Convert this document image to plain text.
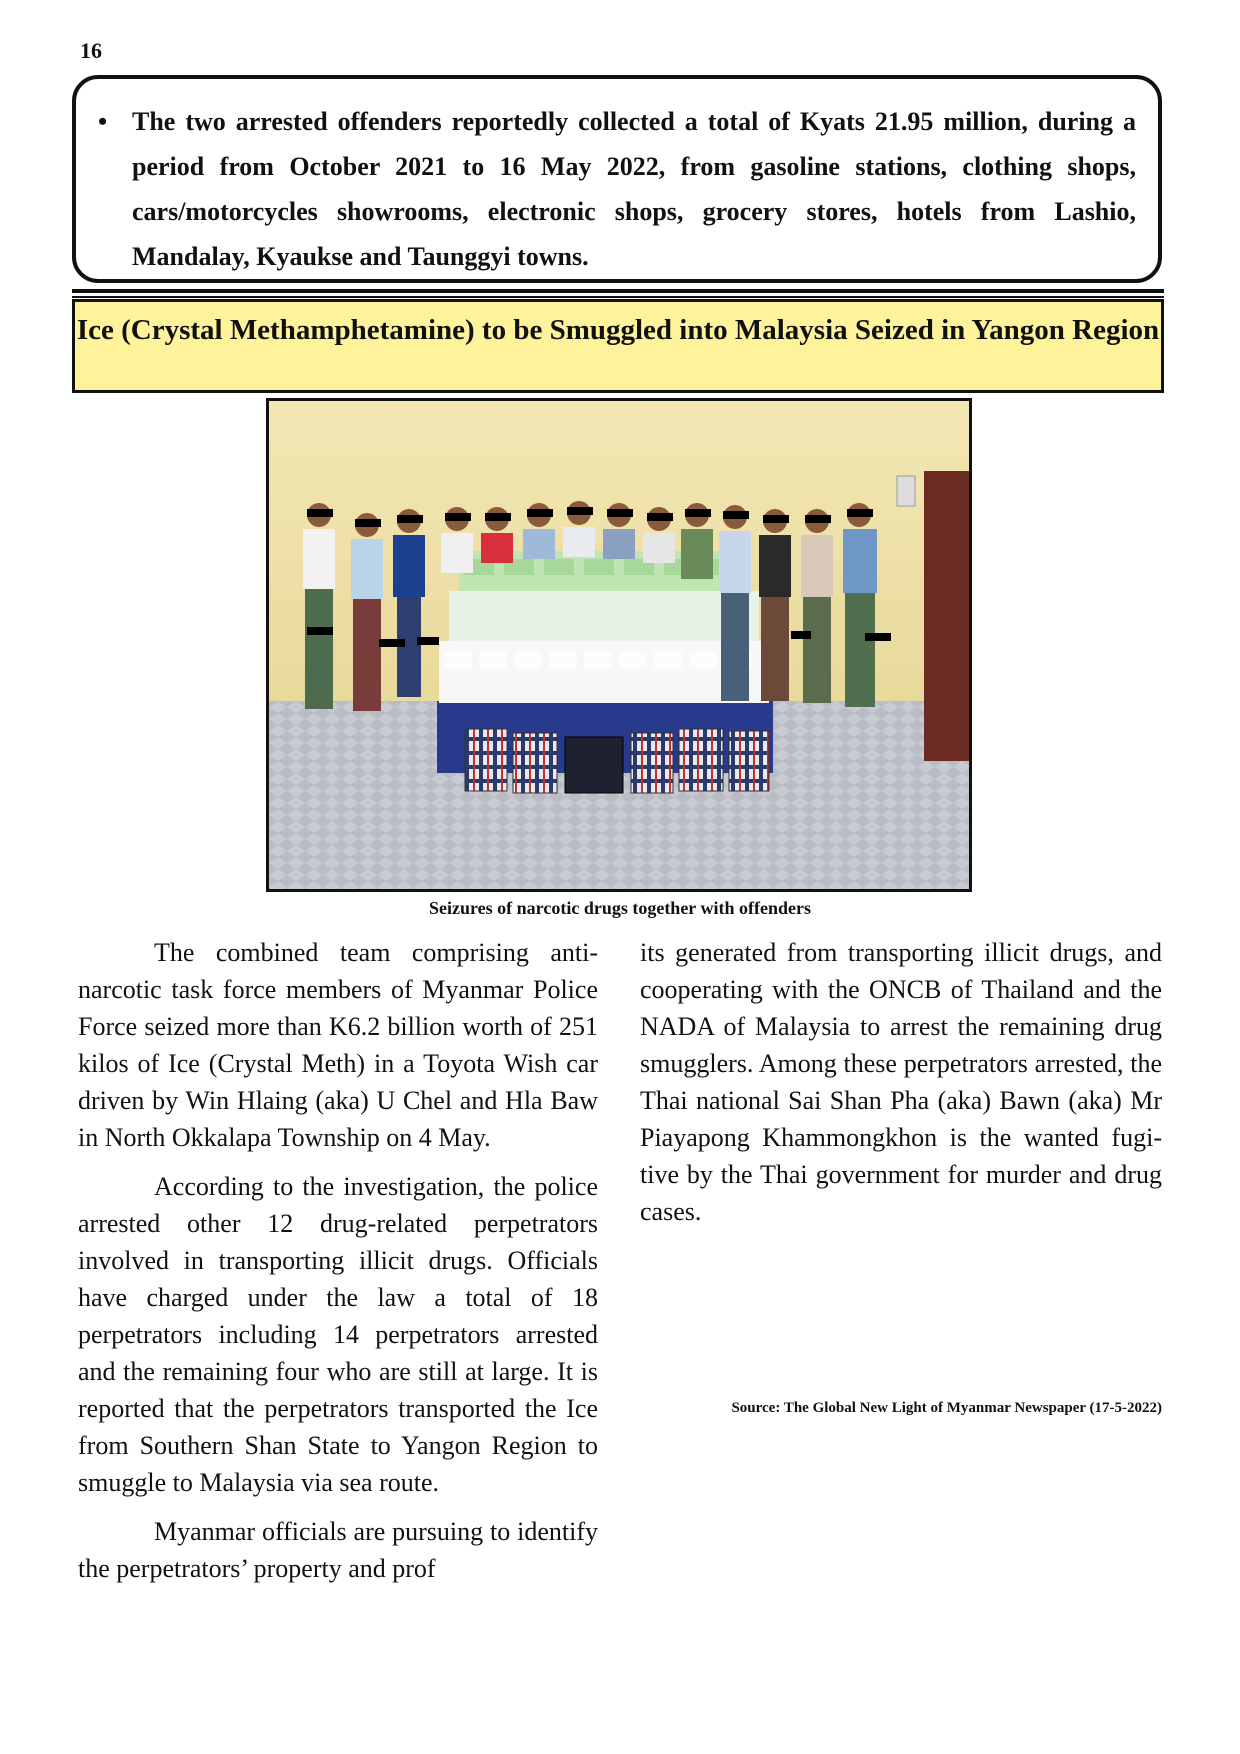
16
• The two arrested offenders reportedly collected a total of Kyats 21.95 million, during a period from October 2021 to 16 May 2022, from gasoline stations, clothing shops, cars/motorcycles showrooms, electronic shops, grocery stores, hotels from Lashio, Mandalay, Kyaukse and Taunggyi towns.
Ice (Crystal Methamphetamine) to be Smuggled into Malaysia Seized in Yangon Region
Seizures of narcotic drugs together with offenders

The combined team comprising antinarcotic task force members of Myanmar Police Force seized more than K6.2 billion worth of 251 kilos of Ice (Crystal Meth) in a Toyota Wish car driven by Win Hlaing (aka) U Chel and Hla Baw in North Okkalapa Township on 4 May.

According to the investigation, the police arrested other 12 drug-related perpetrators involved in transporting illicit drugs. Officials have charged under the law a total of 18 perpetrators including 14 perpetrators arrested and the remaining four who are still at large. It is reported that the perpetrators transported the Ice from Southern Shan State to Yangon Region to smuggle to Malaysia via sea route.

Myanmar officials are pursuing to identify the perpetrators’ property and prof

its generated from transporting illicit drugs, and cooperating with the ONCB of Thailand and the NADA of Malaysia to arrest the remaining drug smugglers. Among these perpetrators arrested, the Thai national Sai Shan Pha (aka) Bawn (aka) Mr Piayapong Khammongkhon is the wanted fugitive by the Thai government for murder and drug cases.

Source: The Global New Light of Myanmar Newspaper (17-5-2022)
